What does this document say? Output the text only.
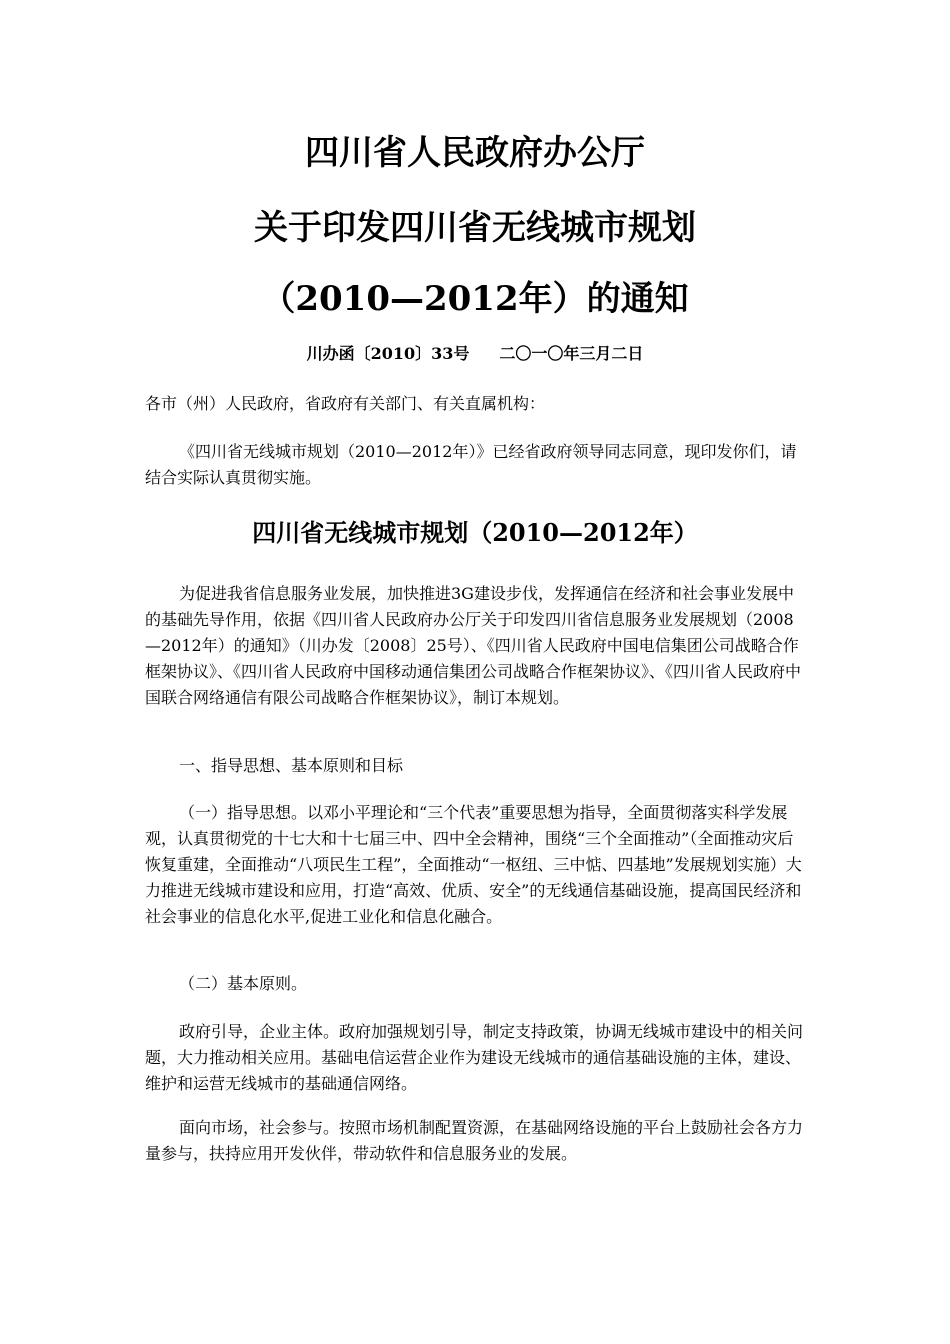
四川省人民政府办公厅
关于印发四川省无线城市规划
（2010—2012年）的通知
川办函〔2010〕33号 二〇一〇年三月二日

各市（州）人民政府，省政府有关部门、有关直属机构：

《四川省无线城市规划（2010—2012年）》已经省政府领导同志同意，现印发你们，请结合实际认真贯彻实施。

四川省无线城市规划（2010—2012年）

为促进我省信息服务业发展，加快推进3G建设步伐，发挥通信在经济和社会事业发展中的基础先导作用，依据《四川省人民政府办公厅关于印发四川省信息服务业发展规划（2008—2012年）的通知》（川办发〔2008〕25号）、《四川省人民政府中国电信集团公司战略合作框架协议》、《四川省人民政府中国移动通信集团公司战略合作框架协议》、《四川省人民政府中国联合网络通信有限公司战略合作框架协议》，制订本规划。

一、指导思想、基本原则和目标

（一）指导思想。以邓小平理论和“三个代表”重要思想为指导，全面贯彻落实科学发展观，认真贯彻党的十七大和十七届三中、四中全会精神，围绕“三个全面推动”（全面推动灾后恢复重建，全面推动“八项民生工程”，全面推动“一枢纽、三中惦、四基地”发展规划实施）大力推进无线城市建设和应用，打造“高效、优质、安全”的无线通信基础设施，提高国民经济和社会事业的信息化水平,促进工业化和信息化融合。

（二）基本原则。

政府引导，企业主体。政府加强规划引导，制定支持政策，协调无线城市建设中的相关问题，大力推动相关应用。基础电信运营企业作为建设无线城市的通信基础设施的主体，建设、维护和运营无线城市的基础通信网络。

面向市场，社会参与。按照市场机制配置资源，在基础网络设施的平台上鼓励社会各方力量参与，扶持应用开发伙伴，带动软件和信息服务业的发展。
